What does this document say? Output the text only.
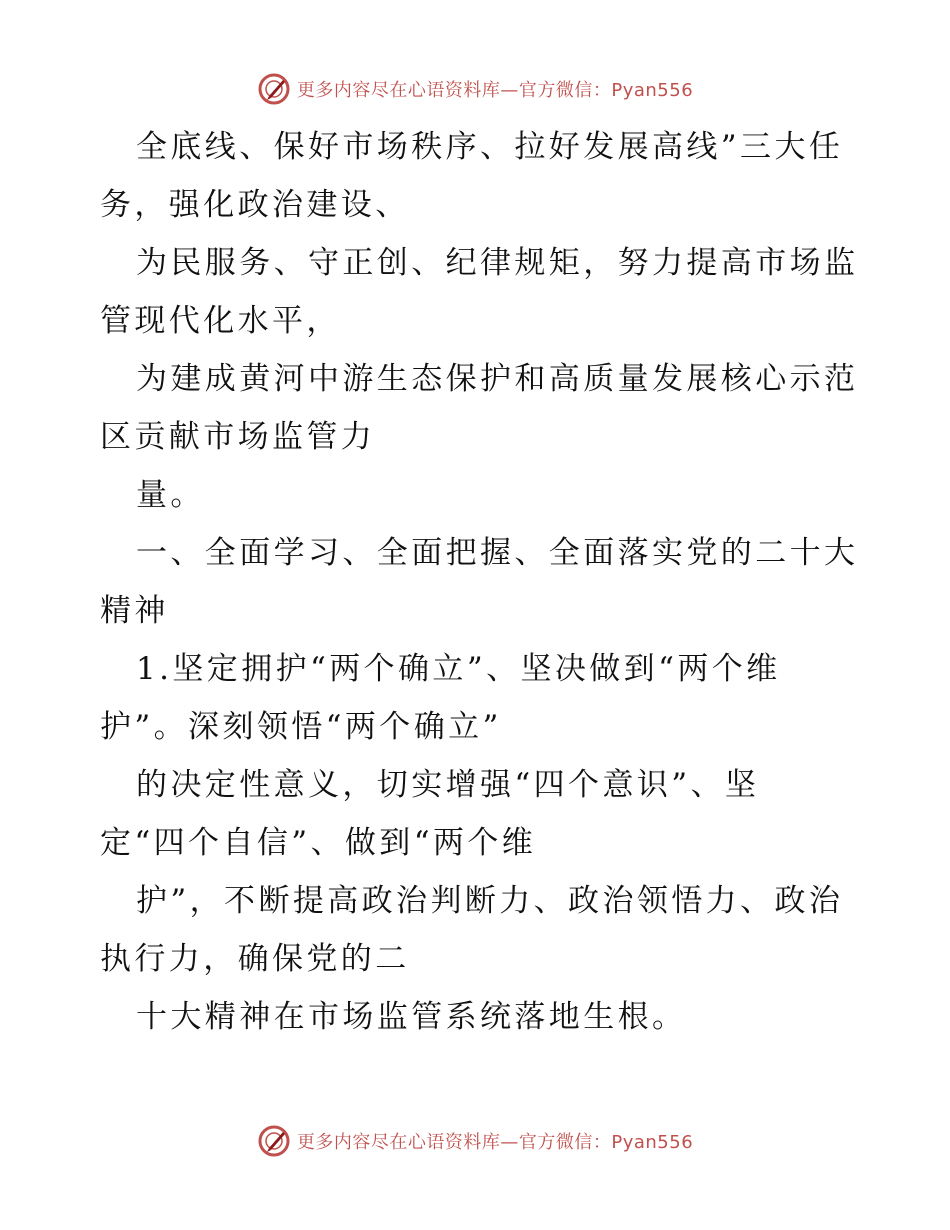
更多内容尽在心语资料库—官方微信：Pyan556
全底线、保好市场秩序、拉好发展高线”三大任
务，强化政治建设、
为民服务、守正创、纪律规矩，努力提高市场监
管现代化水平，
为建成黄河中游生态保护和高质量发展核心示范
区贡献市场监管力
量。
一、全面学习、全面把握、全面落实党的二十大
精神
1.坚定拥护“两个确立”、坚决做到“两个维
护”。深刻领悟“两个确立”
的决定性意义，切实增强“四个意识”、坚
定“四个自信”、做到“两个维
护”，不断提高政治判断力、政治领悟力、政治
执行力，确保党的二
十大精神在市场监管系统落地生根。
更多内容尽在心语资料库—官方微信：Pyan556
